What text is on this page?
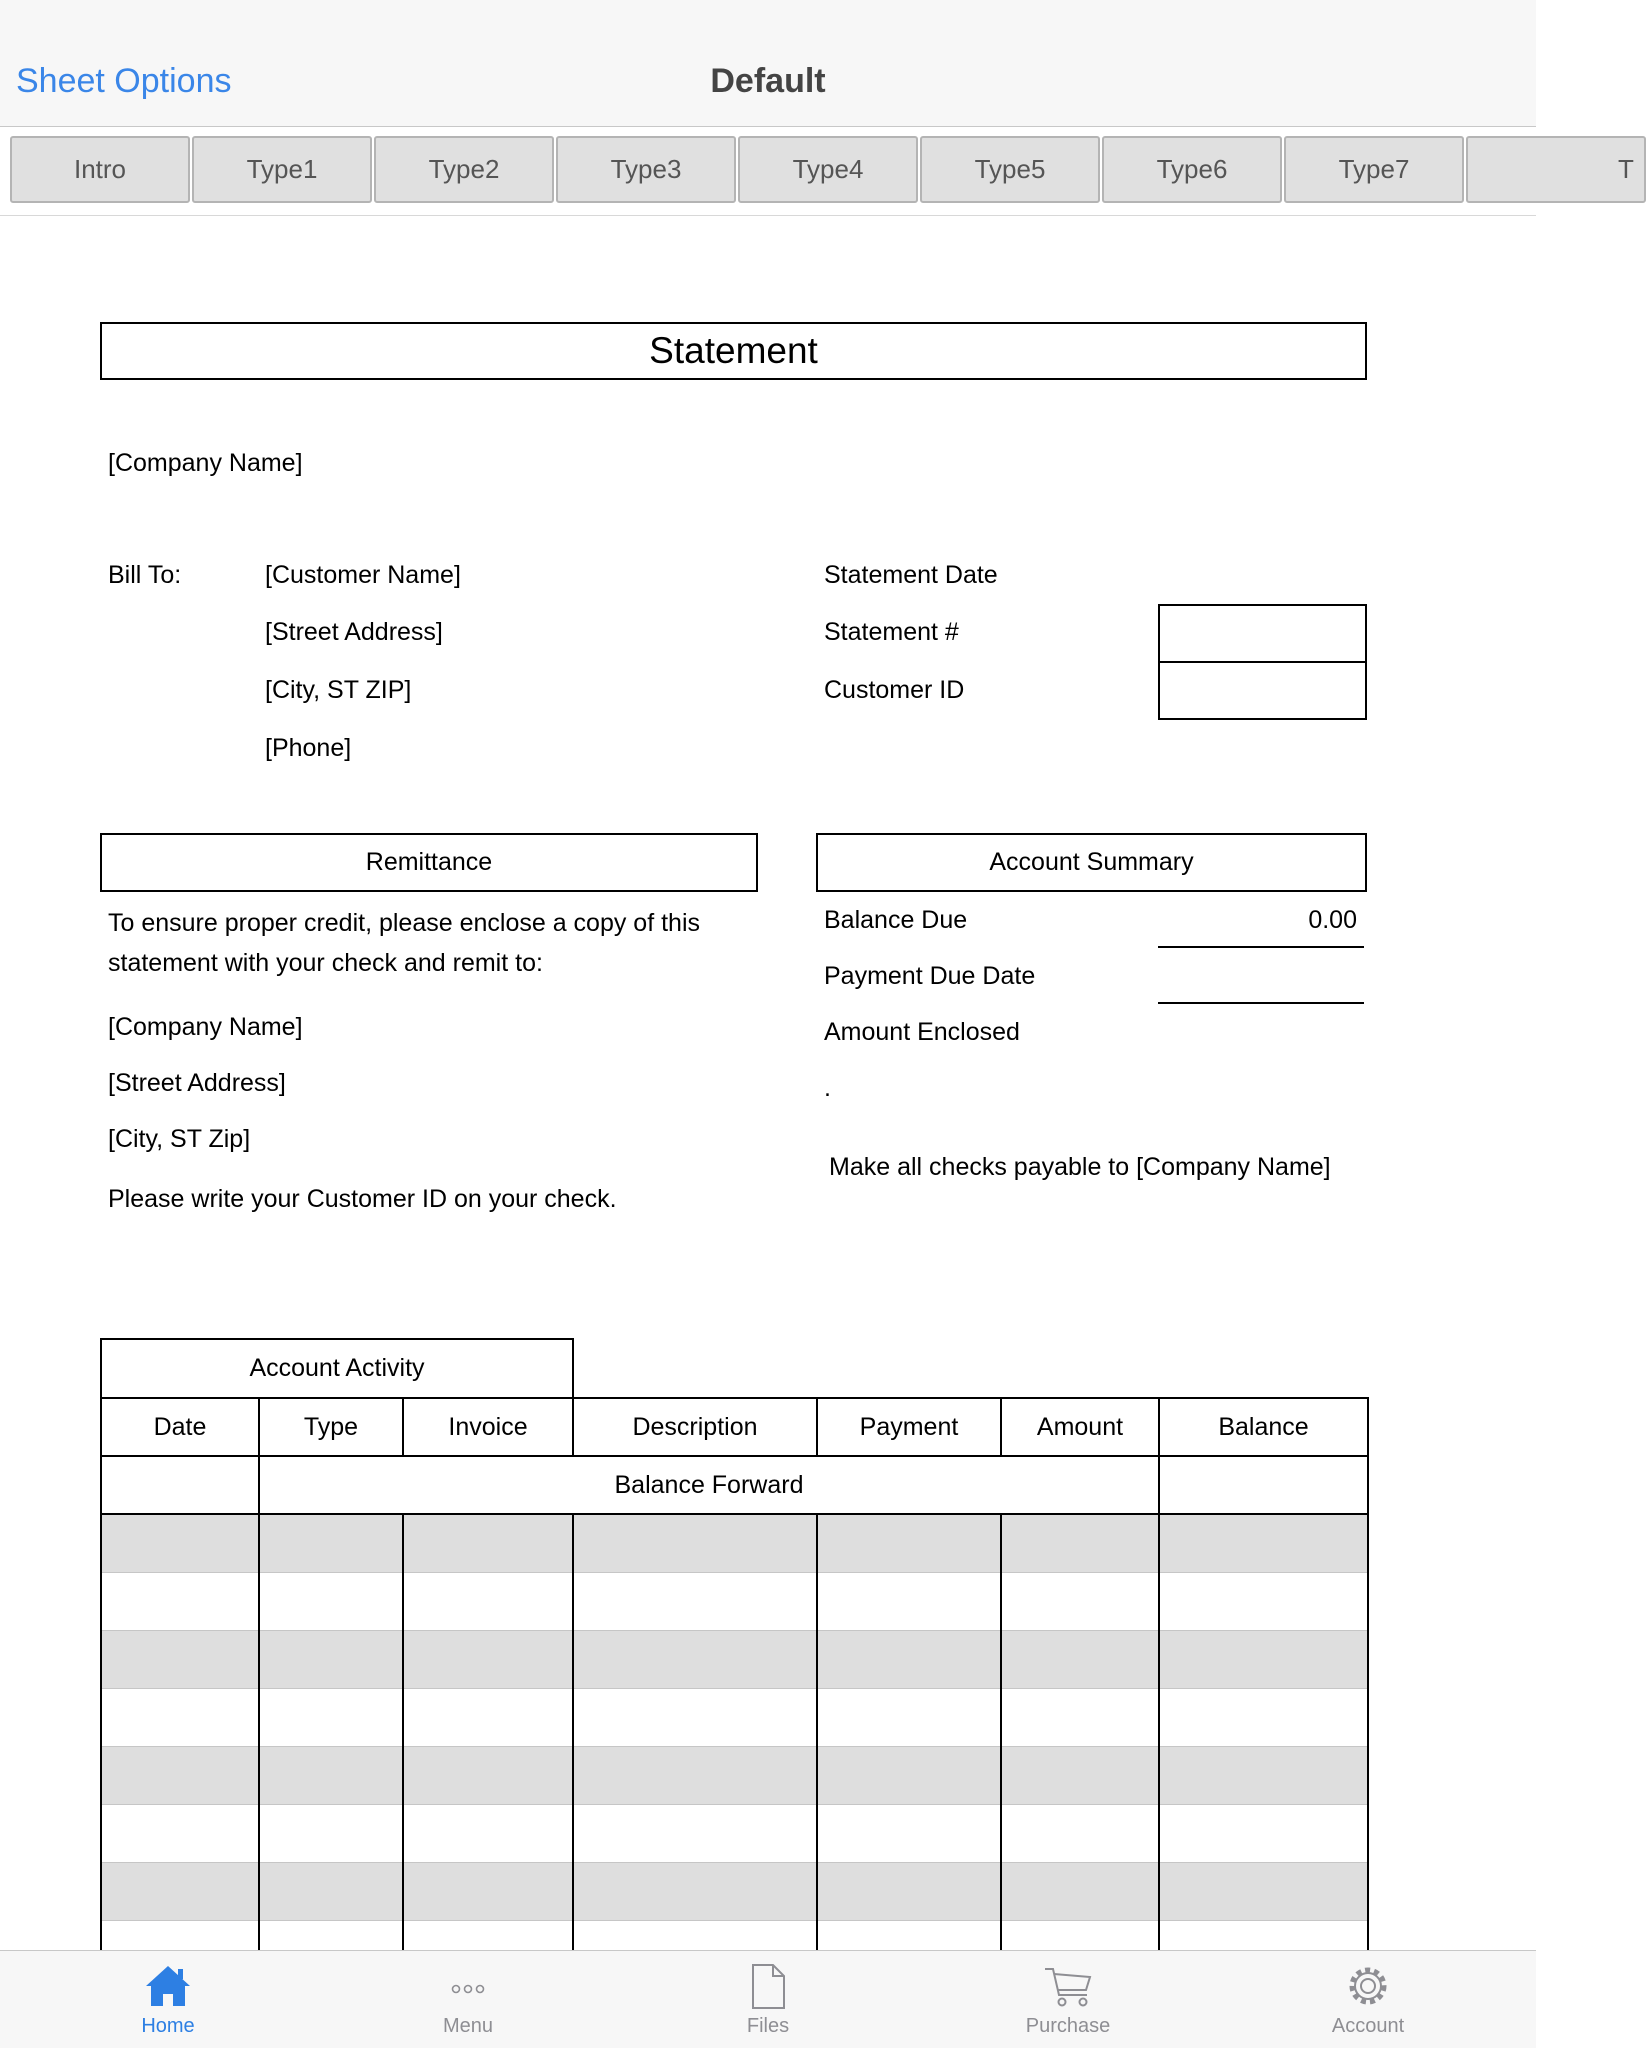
Sheet Options	Default
Intro	Type1	Type2	Type3	Type4	Type5	Type6	Type7	T
Statement
[Company Name]
Bill To:	[Customer Name]
[Street Address]
[City, ST ZIP]
[Phone]
Statement Date
Statement #
Customer ID
Remittance
To ensure proper credit, please enclose a copy of this
statement with your check and remit to:
[Company Name]
[Street Address]
[City, ST Zip]
Please write your Customer ID on your check.
Account Summary
Balance Due	0.00
Payment Due Date
Amount Enclosed
.
Make all checks payable to [Company Name]
Account Activity
Date	Type	Invoice	Description	Payment	Amount	Balance
	Balance Forward					

Home	Menu	Files	Purchase	Account
